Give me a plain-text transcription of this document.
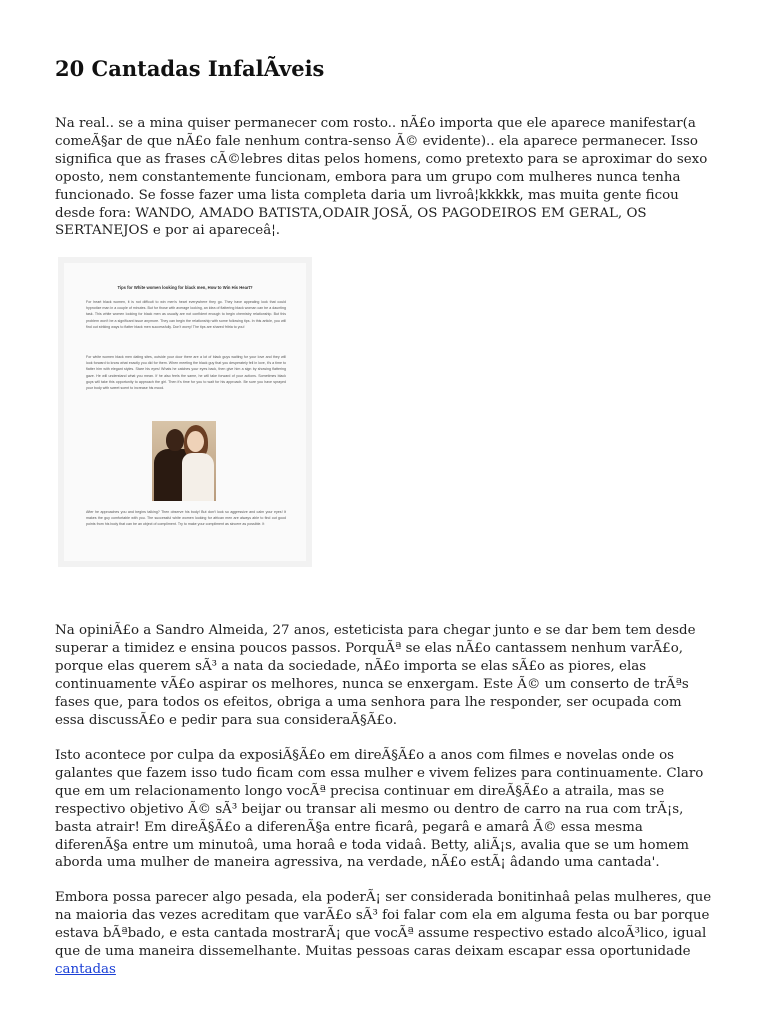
20 Cantadas InfalÃveis

Na real.. se a mina quiser permanecer com rosto.. nÃ£o importa que ele aparece manifestar(a comeÃ§ar de que nÃ£o fale nenhum contra-senso Ã© evidente).. ela aparece permanecer. Isso significa que as frases cÃ©lebres ditas pelos homens, como pretexto para se aproximar do sexo oposto, nem constantemente funcionam, embora para um grupo com mulheres nunca tenha funcionado. Se fosse fazer uma lista completa daria um livroâ¦kkkkk, mas muita gente ficou desde fora: WANDO, AMADO BATISTA,ODAIR JOSÃ, OS PAGODEIROS EM GERAL, OS SERTANEJOS e por ai apareceâ¦.

Na opiniÃ£o a Sandro Almeida, 27 anos, esteticista para chegar junto e se dar bem tem desde superar a timidez e ensina poucos passos. PorquÃª se elas nÃ£o cantassem nenhum varÃ£o, porque elas querem sÃ³ a nata da sociedade, nÃ£o importa se elas sÃ£o as piores, elas continuamente vÃ£o aspirar os melhores, nunca se enxergam. Este Ã© um conserto de trÃªs fases que, para todos os efeitos, obriga a uma senhora para lhe responder, ser ocupada com essa discussÃ£o e pedir para sua consideraÃ§Ã£o.

Isto acontece por culpa da exposiÃ§Ã£o em direÃ§Ã£o a anos com filmes e novelas onde os galantes que fazem isso tudo ficam com essa mulher e vivem felizes para continuamente. Claro que em um relacionamento longo vocÃª precisa continuar em direÃ§Ã£o a atraila, mas se respectivo objetivo Ã© sÃ³ beijar ou transar ali mesmo ou dentro de carro na rua com trÃ¡s, basta atrair! Em direÃ§Ã£o a diferenÃ§a entre ficarâ, pegarâ e amarâ Ã© essa mesma diferenÃ§a entre um minutoâ, uma horaâ e toda vidaâ. Betty, aliÃ¡s, avalia que se um homem aborda uma mulher de maneira agressiva, na verdade, nÃ£o estÃ¡ âdando uma cantada'.

Embora possa parecer algo pesada, ela poderÃ¡ ser considerada bonitinhaâ pelas mulheres, que na maioria das vezes acreditam que varÃ£o sÃ³ foi falar com ela em alguma festa ou bar porque estava bÃªbado, e esta cantada mostrarÃ¡ que vocÃª assume respectivo estado alcoÃ³lico, igual que de uma maneira dissemelhante. Muitas pessoas caras deixam escapar essa oportunidade cantadas

Tips for White women looking for black men, How to Win His Heart?

For heart black women, it is not difficult to win men's heart everywhere they go. They have appealing look that could hypnotize man in a couple of minutes. But for those with average looking, an idea of flattering black woman can be a daunting task. This white women looking for black men as usually are not confident enough to begin chemistry relationship. But this problem won't be a significant issue anymore. They can begin the relationship with some following tips. In this article, you will find out striking ways to flatter black men successfully. Don't worry! The tips are shared fritria to you!

For white women black men dating sites, outside your door there are a lot of black guys waiting for your love and they will look forward to know what exactly you did for them. When meeting the black guy that you desperately fell in love, it's a time to flatter him with elegant styles. Stare his eyes! Whats he catches your eyes back, then give him a sign by showing flattering gaze. He will understand what you mean. If he also feels the same, he will take forward of your actions. Sometimes black guys will take this opportunity to approach the girl. Then it's time for you to wait for his approach. Be sure you have sprayed your body with sweet scent to increase his mood.

After he approaches you and begins talking? Then observe his body! But don't look so aggressive and calm your eyes! It makes the guy comfortable with you. The successful white women looking for african men are always able to find out good points from his body that can be an object of compliment. Try to make your compliment as sincere as possible. It
